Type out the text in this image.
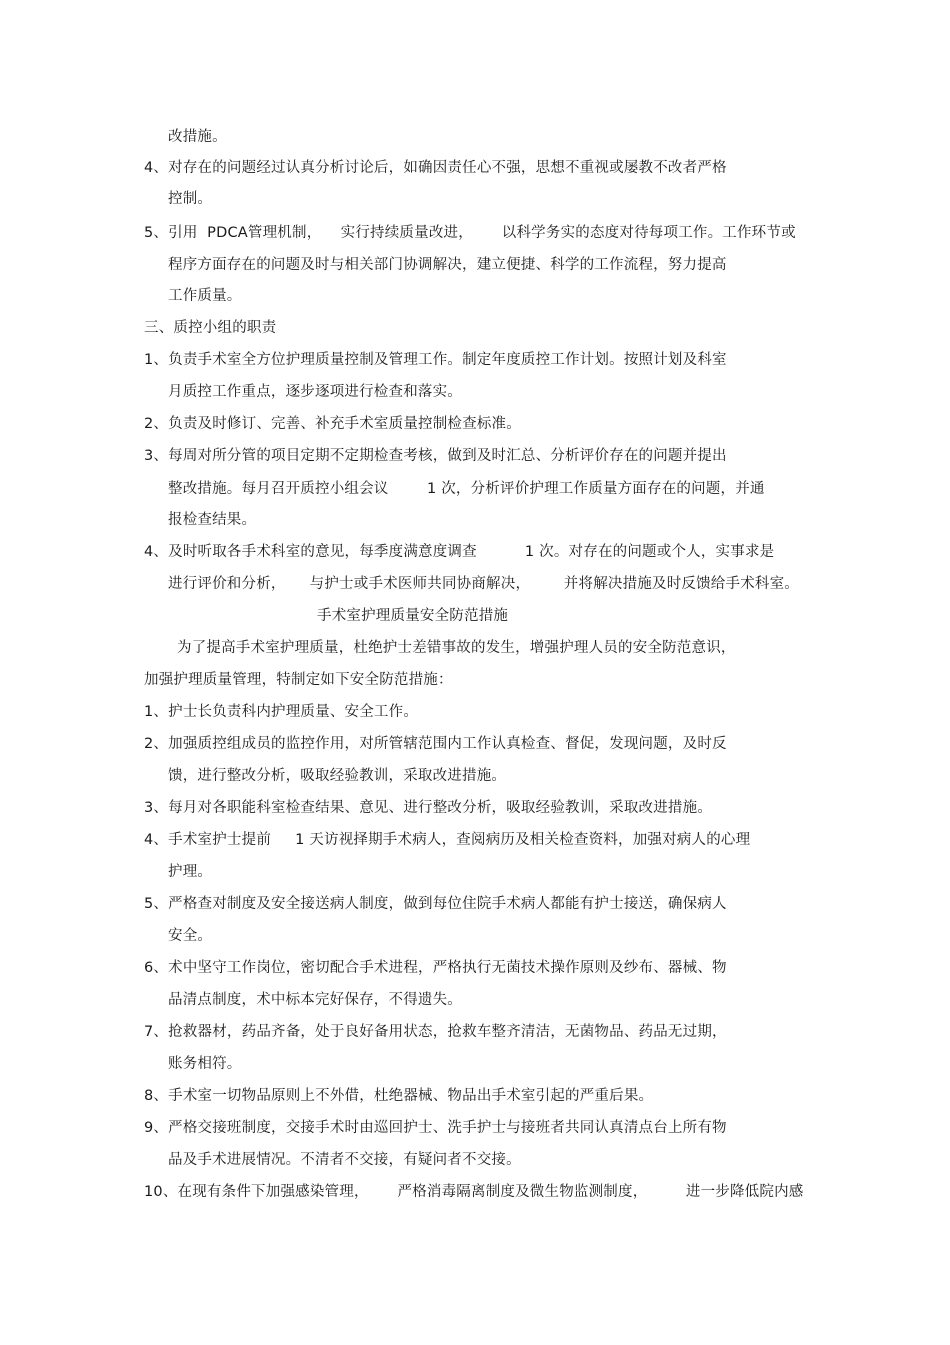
改措施。
4、对存在的问题经过认真分析讨论后，如确因责任心不强，思想不重视或屡教不改者严格
控制。
5、引用  PDCA管理机制，    实行持续质量改进，      以科学务实的态度对待每项工作。工作环节或
程序方面存在的问题及时与相关部门协调解决，建立便捷、科学的工作流程，努力提高
工作质量。
三、质控小组的职责
1、负责手术室全方位护理质量控制及管理工作。制定年度质控工作计划。按照计划及科室
月质控工作重点，逐步逐项进行检查和落实。
2、负责及时修订、完善、补充手术室质量控制检查标准。
3、每周对所分管的项目定期不定期检查考核，做到及时汇总、分析评价存在的问题并提出
整改措施。每月召开质控小组会议        1 次，分析评价护理工作质量方面存在的问题，并通
报检查结果。
4、及时听取各手术科室的意见，每季度满意度调查          1 次。对存在的问题或个人，实事求是
进行评价和分析，     与护士或手术医师共同协商解决，       并将解决措施及时反馈给手术科室。
手术室护理质量安全防范措施
为了提高手术室护理质量，杜绝护士差错事故的发生，增强护理人员的安全防范意识，
加强护理质量管理，特制定如下安全防范措施：
1、护士长负责科内护理质量、安全工作。
2、加强质控组成员的监控作用，对所管辖范围内工作认真检查、督促，发现问题，及时反
馈，进行整改分析，吸取经验教训，采取改进措施。
3、每月对各职能科室检查结果、意见、进行整改分析，吸取经验教训，采取改进措施。
4、手术室护士提前     1 天访视择期手术病人，查阅病历及相关检查资料，加强对病人的心理
护理。
5、严格查对制度及安全接送病人制度，做到每位住院手术病人都能有护士接送，确保病人
安全。
6、术中坚守工作岗位，密切配合手术进程，严格执行无菌技术操作原则及纱布、器械、物
品清点制度，术中标本完好保存，不得遗失。
7、抢救器材，药品齐备，处于良好备用状态，抢救车整齐清洁，无菌物品、药品无过期，
账务相符。
8、手术室一切物品原则上不外借，杜绝器械、物品出手术室引起的严重后果。
9、严格交接班制度，交接手术时由巡回护士、洗手护士与接班者共同认真清点台上所有物
品及手术进展情况。不清者不交接，有疑问者不交接。
10、在现有条件下加强感染管理，      严格消毒隔离制度及微生物监测制度，        进一步降低院内感
